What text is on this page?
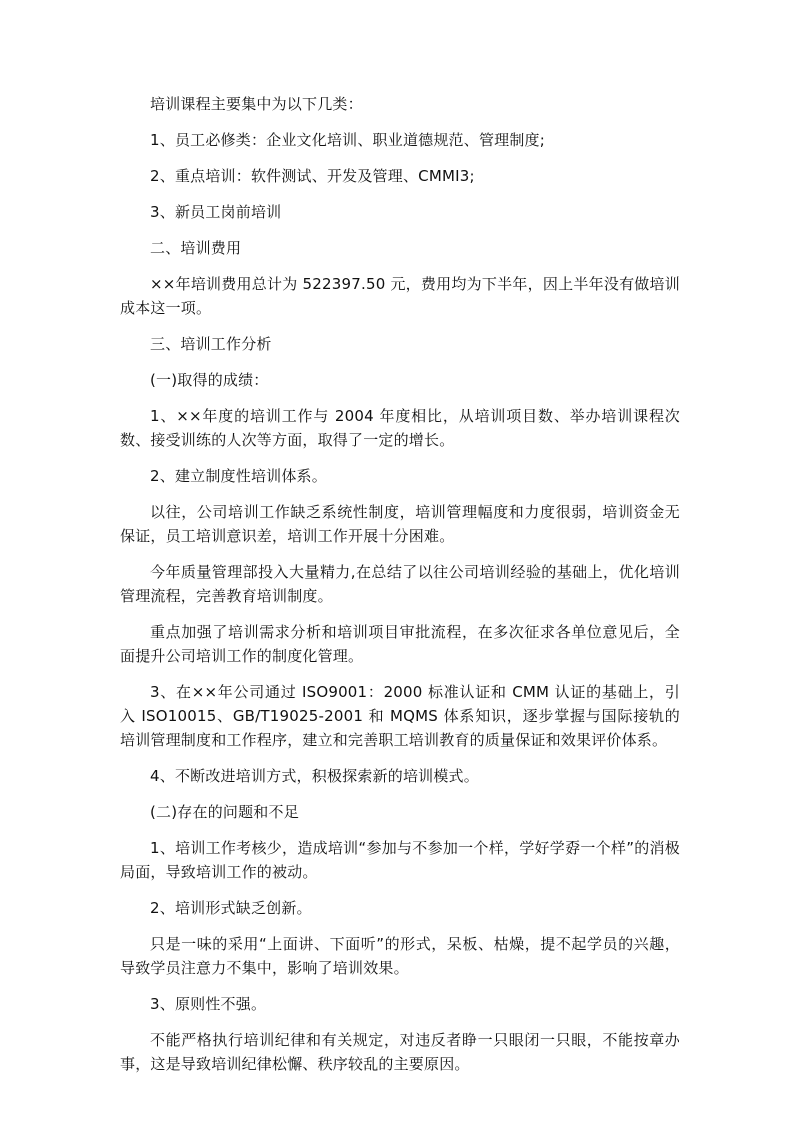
培训课程主要集中为以下几类：

1、员工必修类：企业文化培训、职业道德规范、管理制度;

2、重点培训：软件测试、开发及管理、CMMI3;

3、新员工岗前培训

二、培训费用

××年培训费用总计为 522397.50 元，费用均为下半年，因上半年没有做培训成本这一项。

三、培训工作分析

(一)取得的成绩：

1、××年度的培训工作与 2004 年度相比，从培训项目数、举办培训课程次数、接受训练的人次等方面，取得了一定的增长。

2、建立制度性培训体系。

以往，公司培训工作缺乏系统性制度，培训管理幅度和力度很弱，培训资金无保证，员工培训意识差，培训工作开展十分困难。

今年质量管理部投入大量精力,在总结了以往公司培训经验的基础上，优化培训管理流程，完善教育培训制度。

重点加强了培训需求分析和培训项目审批流程，在多次征求各单位意见后，全面提升公司培训工作的制度化管理。

3、在××年公司通过 ISO9001：2000 标准认证和 CMM 认证的基础上，引入 ISO10015、GB/T19025-2001 和 MQMS 体系知识，逐步掌握与国际接轨的培训管理制度和工作程序，建立和完善职工培训教育的质量保证和效果评价体系。

4、不断改进培训方式，积极探索新的培训模式。

(二)存在的问题和不足

1、培训工作考核少，造成培训“参加与不参加一个样，学好学孬一个样”的消极局面，导致培训工作的被动。

2、培训形式缺乏创新。

只是一味的采用“上面讲、下面听”的形式，呆板、枯燥，提不起学员的兴趣，导致学员注意力不集中，影响了培训效果。

3、原则性不强。

不能严格执行培训纪律和有关规定，对违反者睁一只眼闭一只眼，不能按章办事，这是导致培训纪律松懈、秩序较乱的主要原因。
